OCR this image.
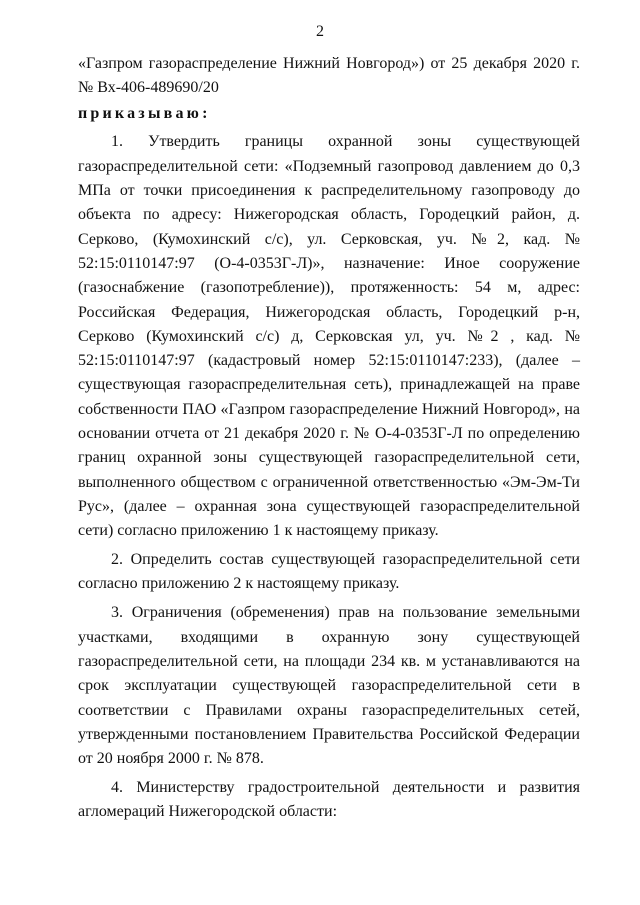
2

«Газпром газораспределение Нижний Новгород») от 25 декабря 2020 г.

№ Вх-406-489690/20

приказываю:

1. Утвердить границы охранной зоны существующей
газораспределительной сети: «Подземный газопровод давлением до 0,3 МПа от точки присоединения к распределительному газопроводу до объекта по адресу: Нижегородская область, Городецкий район, д. Серково, (Кумохинский с/с), ул. Серковская, уч. №2, кад. № 52:15:0110147:97 (О-4-0353Г-Л)», назначение: Иное сооружение (газоснабжение (газопотребление)), протяженность: 54 м, адрес: Российская Федерация, Нижегородская область, Городецкий р-н, Серково (Кумохинский с/с) д, Серковская ул, уч. №2 , кад. № 52:15:0110147:97 (кадастровый номер 52:15:0110147:233), (далее – существующая газораспределительная сеть), принадлежащей на праве собственности ПАО «Газпром газораспределение Нижний Новгород», на основании отчета от 21 декабря 2020 г. № О-4-0353Г-Л по определению границ охранной зоны существующей газораспределительной сети, выполненного обществом с ограниченной ответственностью «Эм-Эм-Ти Рус», (далее – охранная зона существующей газораспределительной сети) согласно приложению 1 к настоящему приказу.

2. Определить состав существующей газораспределительной сети согласно приложению 2 к настоящему приказу.

3. Ограничения (обременения) прав на пользование земельными участками, входящими в охранную зону существующей газораспределительной сети, на площади 234 кв. м устанавливаются на срок эксплуатации существующей газораспределительной сети в соответствии с Правилами охраны газораспределительных сетей, утвержденными постановлением Правительства Российской Федерации от 20 ноября 2000 г. № 878.

4. Министерству градостроительной деятельности и развития агломераций Нижегородской области:
